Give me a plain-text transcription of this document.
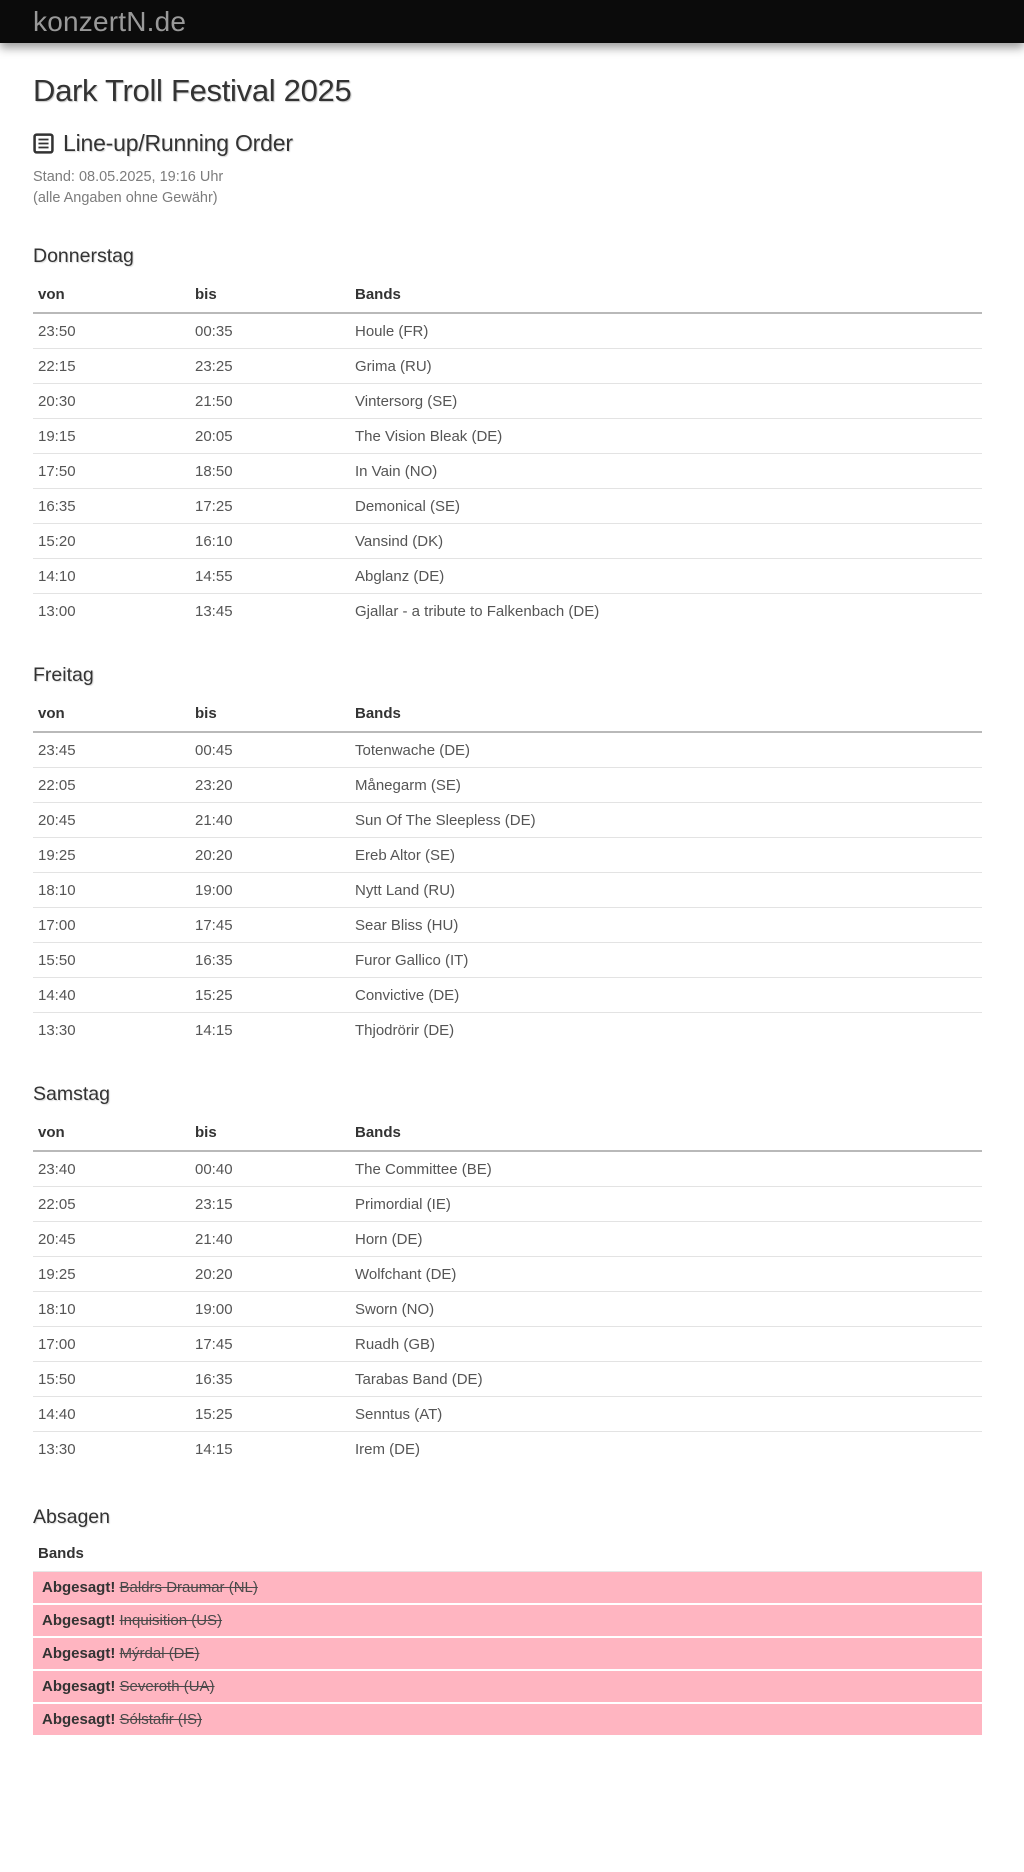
konzertN.de
Dark Troll Festival 2025
Line-up/Running Order

Stand: 08.05.2025, 19:16 Uhr
(alle Angaben ohne Gewähr)

Donnerstag
von	bis	Bands
23:50	00:35	Houle (FR)
22:15	23:25	Grima (RU)
20:30	21:50	Vintersorg (SE)
19:15	20:05	The Vision Bleak (DE)
17:50	18:50	In Vain (NO)
16:35	17:25	Demonical (SE)
15:20	16:10	Vansind (DK)
14:10	14:55	Abglanz (DE)
13:00	13:45	Gjallar - a tribute to Falkenbach (DE)
Freitag
von	bis	Bands
23:45	00:45	Totenwache (DE)
22:05	23:20	Månegarm (SE)
20:45	21:40	Sun Of The Sleepless (DE)
19:25	20:20	Ereb Altor (SE)
18:10	19:00	Nytt Land (RU)
17:00	17:45	Sear Bliss (HU)
15:50	16:35	Furor Gallico (IT)
14:40	15:25	Convictive (DE)
13:30	14:15	Thjodrörir (DE)
Samstag
von	bis	Bands
23:40	00:40	The Committee (BE)
22:05	23:15	Primordial (IE)
20:45	21:40	Horn (DE)
19:25	20:20	Wolfchant (DE)
18:10	19:00	Sworn (NO)
17:00	17:45	Ruadh (GB)
15:50	16:35	Tarabas Band (DE)
14:40	15:25	Senntus (AT)
13:30	14:15	Irem (DE)
Absagen
Bands
Abgesagt! Baldrs Draumar (NL)
Abgesagt! Inquisition (US)
Abgesagt! Mýrdal (DE)
Abgesagt! Severoth (UA)
Abgesagt! Sólstafir (IS)
